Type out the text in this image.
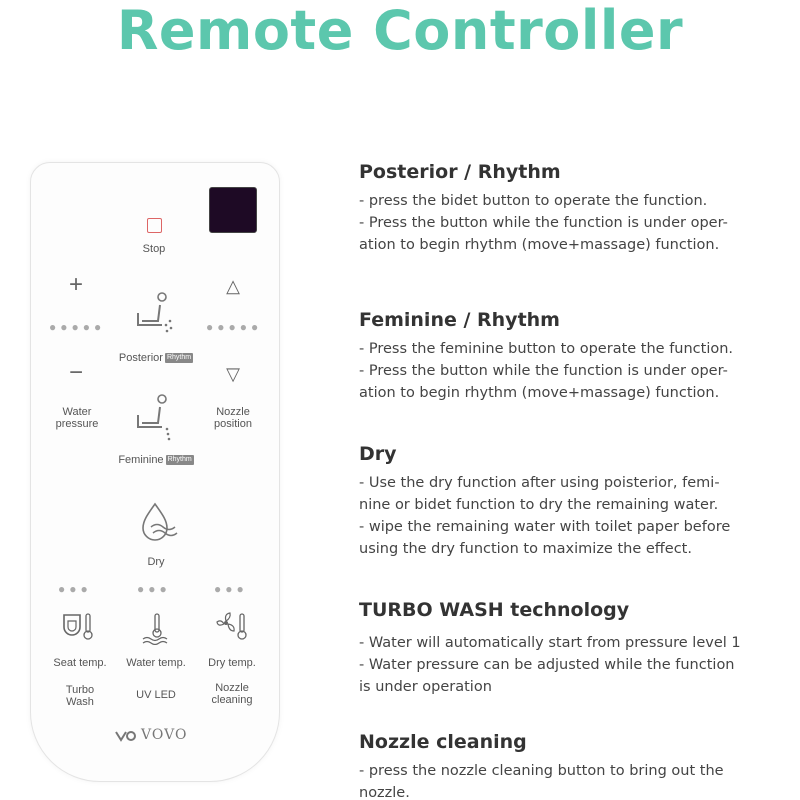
Remote Controller
Stop
+	△
●●●●●	●●●●●
Posterior Rhythm
−	▽
Water
pressure
Nozzle
position
Feminine Rhythm
Dry
●●●	●●●	●●●
Seat temp.	Water temp.	Dry temp.
Turbo
Wash
UV LED
Nozzle
cleaning
VOVO
Posterior / Rhythm

- press the bidet button to operate the function.

- Press the button while the function is under oper-

ation to begin rhythm (move+massage) function.

Feminine / Rhythm

- Press the feminine button to operate the function.

- Press the button while the function is under oper-

ation to begin rhythm (move+massage) function.

Dry

- Use the dry function after using poisterior, femi-

nine or bidet function to dry the remaining water.

- wipe the remaining water with toilet paper before

using the dry function to maximize the effect.

TURBO WASH technology

- Water will automatically start from pressure level 1

- Water pressure can be adjusted while the function

is under operation

Nozzle cleaning

- press the nozzle cleaning button to bring out the

nozzle.
